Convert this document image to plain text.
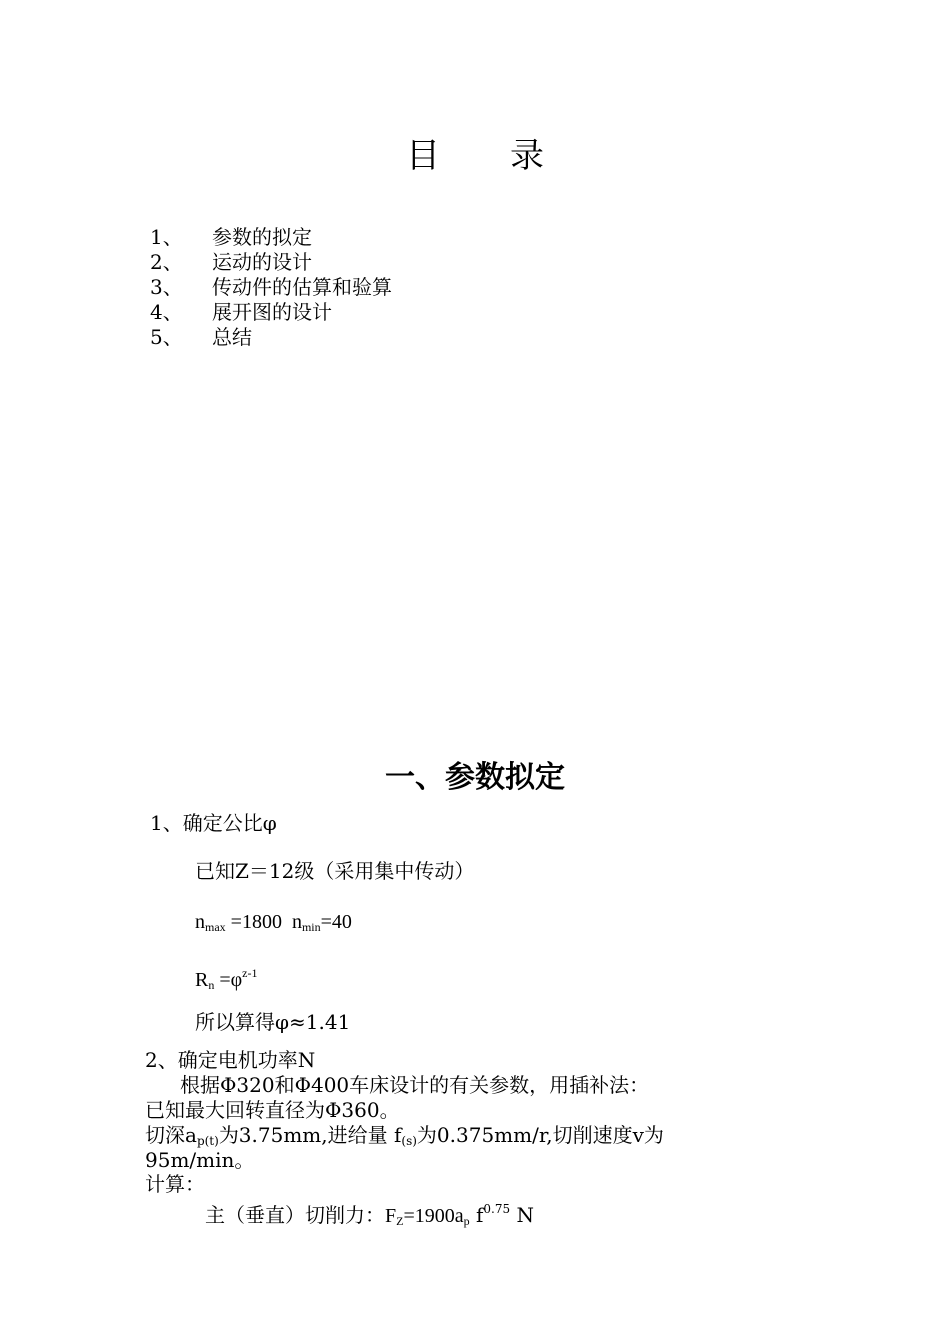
目 录
1、 参数的拟定
2、 运动的设计
3、 传动件的估算和验算
4、 展开图的设计
5、 总结
一、参数拟定
1、确定公比φ
已知Z＝12级（采用集中传动）
$n_{max} =1800$  $n_{min}=40$
$R_n =\varphi^{z-1}$
所以算得φ≈1.41
2、确定电机功率N
根据Φ320和Φ400车床设计的有关参数，用插补法：
已知最大回转直径为Φ360。
切深$a_{p(t)}$为3.75mm,进给量 $f_{(s)}$为0.375mm/r,切削速度v为
95m/min。
计算：
主（垂直）切削力：$F_Z=1900a_p$ $f^{0.75}$ N
